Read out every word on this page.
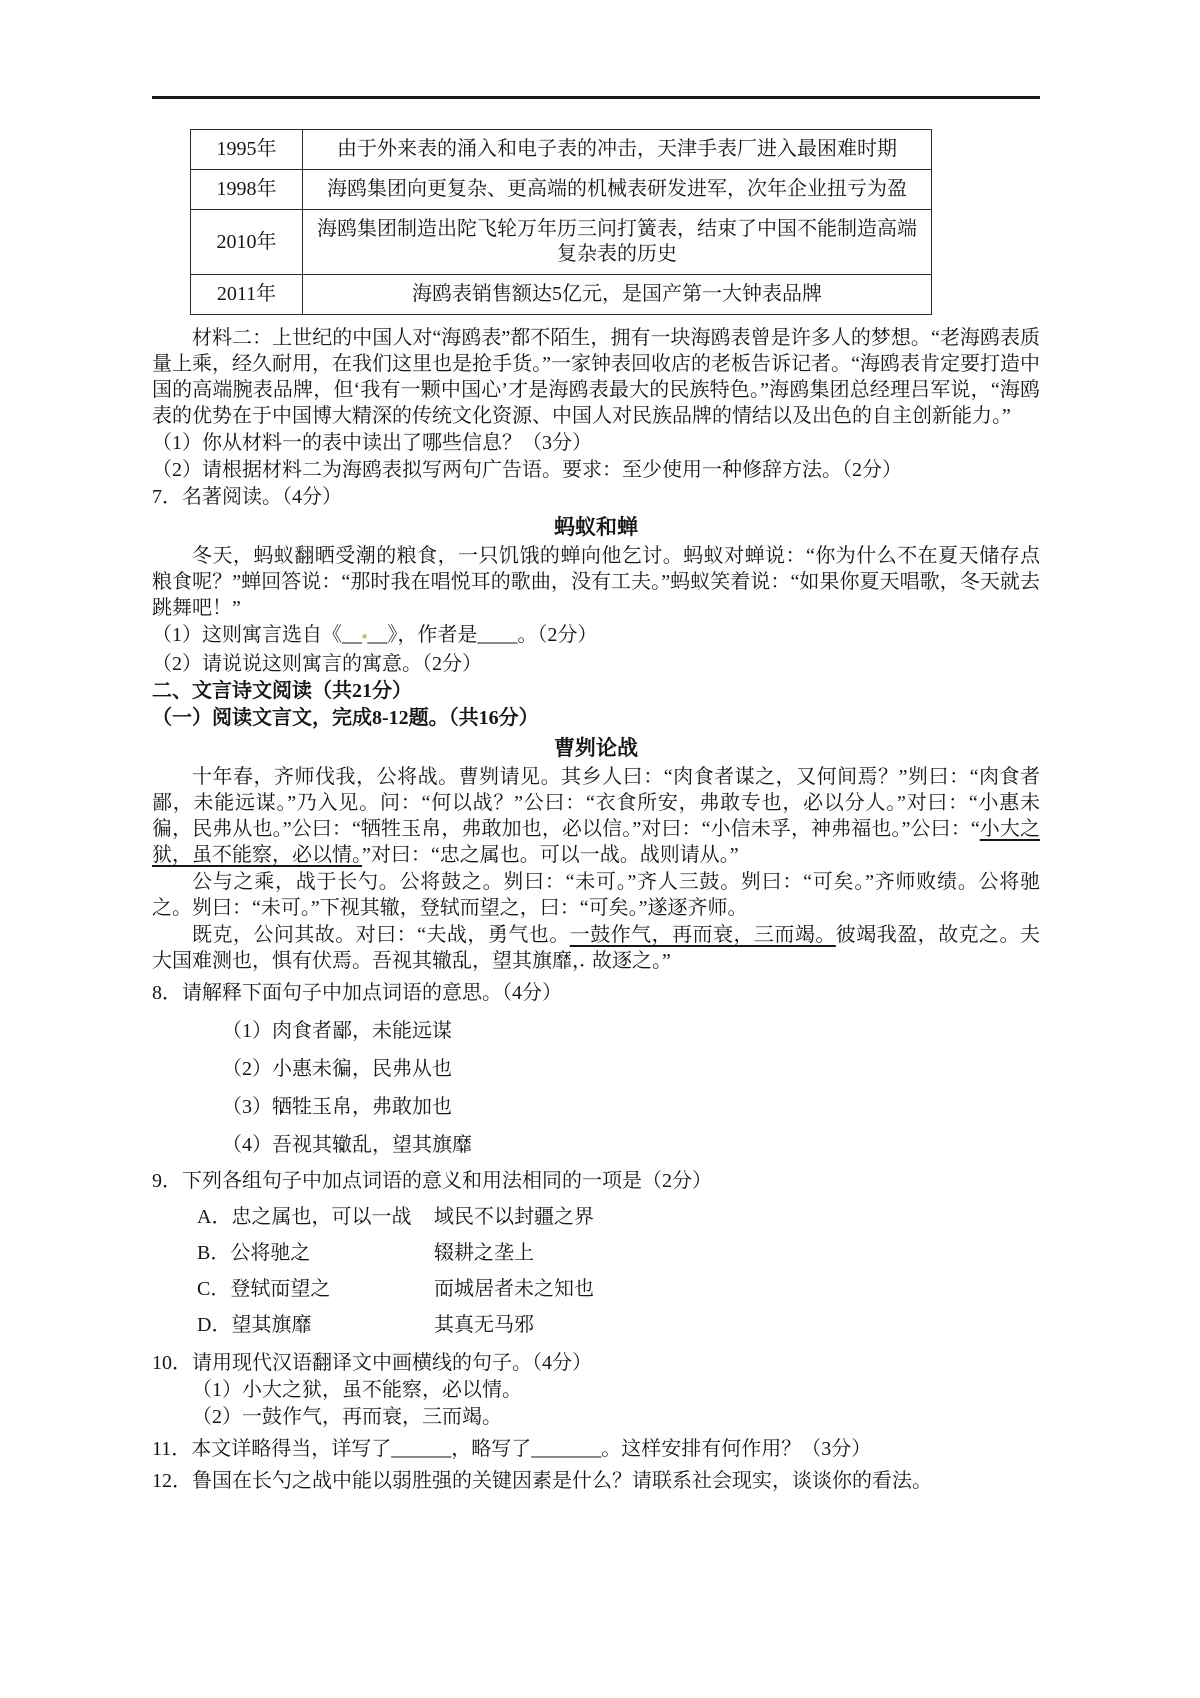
1995年	由于外来表的涌入和电子表的冲击，天津手表厂进入最困难时期
1998年	海鸥集团向更复杂、更高端的机械表研发进军，次年企业扭亏为盈
2010年	海鸥集团制造出陀飞轮万年历三问打簧表，结束了中国不能制造高端复杂表的历史
2011年	海鸥表销售额达5亿元，是国产第一大钟表品牌

材料二：上世纪的中国人对“海鸥表”都不陌生，拥有一块海鸥表曾是许多人的梦想。“老海鸥表质量上乘，经久耐用，在我们这里也是抢手货。”一家钟表回收店的老板告诉记者。“海鸥表肯定要打造中国的高端腕表品牌，但‘我有一颗中国心’才是海鸥表最大的民族特色。”海鸥集团总经理吕军说，“海鸥表的优势在于中国博大精深的传统文化资源、中国人对民族品牌的情结以及出色的自主创新能力。”

（1）你从材料一的表中读出了哪些信息？（3分）

（2）请根据材料二为海鸥表拟写两句广告语。要求：至少使用一种修辞方法。（2分）

7．名著阅读。（4分）

蚂蚁和蝉

冬天，蚂蚁翻晒受潮的粮食，一只饥饿的蝉向他乞讨。蚂蚁对蝉说：“你为什么不在夏天储存点粮食呢？”蝉回答说：“那时我在唱悦耳的歌曲，没有工夫。”蚂蚁笑着说：“如果你夏天唱歌，冬天就去跳舞吧！”

（1）这则寓言选自《__▪__》，作者是____。（2分）

（2）请说说这则寓言的寓意。（2分）

二、文言诗文阅读（共21分）

（一）阅读文言文，完成8-12题。（共16分）

曹刿论战

十年春，齐师伐我，公将战。曹刿请见。其乡人曰：“肉食者谋之，又何间焉？”刿曰：“肉食者鄙，未能远谋。”乃入见。问：“何以战？”公曰：“衣食所安，弗敢专也，必以分人。”对曰：“小惠未徧，民弗从也。”公曰：“牺牲玉帛，弗敢加也，必以信。”对曰：“小信未孚，神弗福也。”公曰：“小大之狱，虽不能察，必以情。”对曰：“忠之属也。可以一战。战则请从。”

公与之乘，战于长勺。公将鼓之。刿曰：“未可。”齐人三鼓。刿曰：“可矣。”齐师败绩。公将驰之。刿曰：“未可。”下视其辙，登轼而望之，曰：“可矣。”遂逐齐师。

既克，公问其故。对曰：“夫战，勇气也。一鼓作气，再而衰，三而竭。彼竭我盈，故克之。夫大国难测也，惧有伏焉。吾视其辙 •乱，望其旗靡 •，故逐之。”

8．请解释下面句子中加点词语的意思。（4分）

（1）肉食者鄙 •，未能远谋

（2）小惠未徧 •，民弗从也

（3）牺 •牲 •玉帛，弗敢加也

（4）吾视其辙 •乱，望其旗靡 •

9．下列各组句子中加点词语的意义和用法相同的一项是（2分）

A．忠之属也，可以 •一战	域民不以 •封疆之界
B．公将驰之 •	辍耕之 •垄上
C．登轼而 •望之	而 •城居者未之知也
D．望其 •旗靡	其 •真无马邪

10．请用现代汉语翻译文中画横线的句子。（4分）

（1）小大之狱，虽不能察，必以情。

（2）一鼓作气，再而衰，三而竭。

11．本文详略得当，详写了______，略写了_______。这样安排有何作用？（3分）

12．鲁国在长勺之战中能以弱胜强的关键因素是什么？请联系社会现实，谈谈你的看法。
